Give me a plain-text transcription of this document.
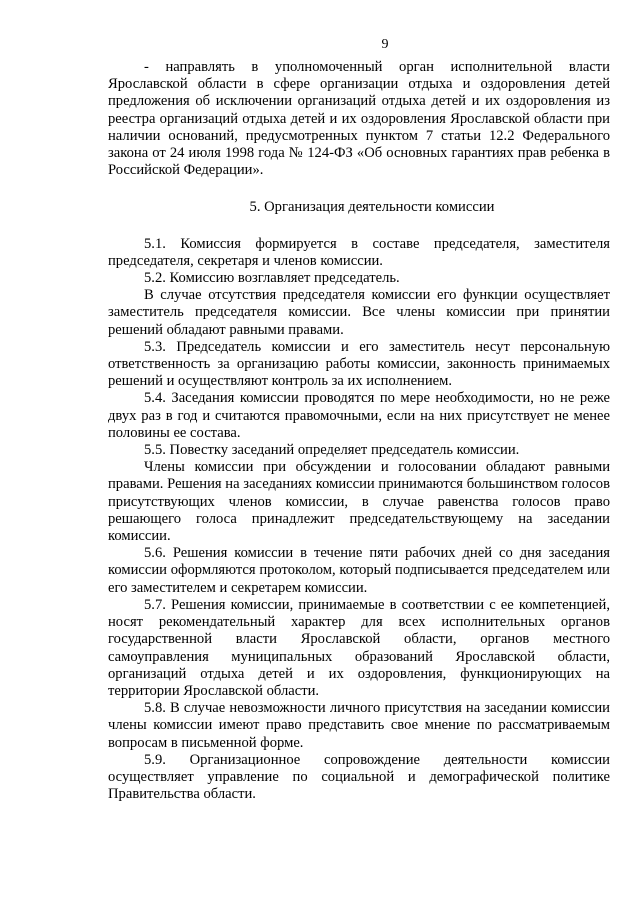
9

- направлять в уполномоченный орган исполнительной власти Ярославской области в сфере организации отдыха и оздоровления детей предложения об исключении организаций отдыха детей и их оздоровления из реестра организаций отдыха детей и их оздоровления Ярославской области при наличии оснований, предусмотренных пунктом 7 статьи 12.2 Федерального закона от 24 июля 1998 года № 124-ФЗ «Об основных гарантиях прав ребенка в Российской Федерации».

5. Организация деятельности комиссии

5.1. Комиссия формируется в составе председателя, заместителя председателя, секретаря и членов комиссии.

5.2. Комиссию возглавляет председатель.

В случае отсутствия председателя комиссии его функции осуществляет заместитель председателя комиссии. Все члены комиссии при принятии решений обладают равными правами.

5.3. Председатель комиссии и его заместитель несут персональную ответственность за организацию работы комиссии, законность принимаемых решений и осуществляют контроль за их исполнением.

5.4. Заседания комиссии проводятся по мере необходимости, но не реже двух раз в год и считаются правомочными, если на них присутствует не менее половины ее состава.

5.5. Повестку заседаний определяет председатель комиссии.

Члены комиссии при обсуждении и голосовании обладают равными правами. Решения на заседаниях комиссии принимаются большинством голосов присутствующих членов комиссии, в случае равенства голосов право решающего голоса принадлежит председательствующему на заседании комиссии.

5.6. Решения комиссии в течение пяти рабочих дней со дня заседания комиссии оформляются протоколом, который подписывается председателем или его заместителем и секретарем комиссии.

5.7. Решения комиссии, принимаемые в соответствии с ее компетенцией, носят рекомендательный характер для всех исполнительных органов государственной власти Ярославской области, органов местного самоуправления муниципальных образований Ярославской области, организаций отдыха детей и их оздоровления, функционирующих на территории Ярославской области.

5.8. В случае невозможности личного присутствия на заседании комиссии члены комиссии имеют право представить свое мнение по рассматриваемым вопросам в письменной форме.

5.9. Организационное сопровождение деятельности комиссии осуществляет управление по социальной и демографической политике Правительства области.
